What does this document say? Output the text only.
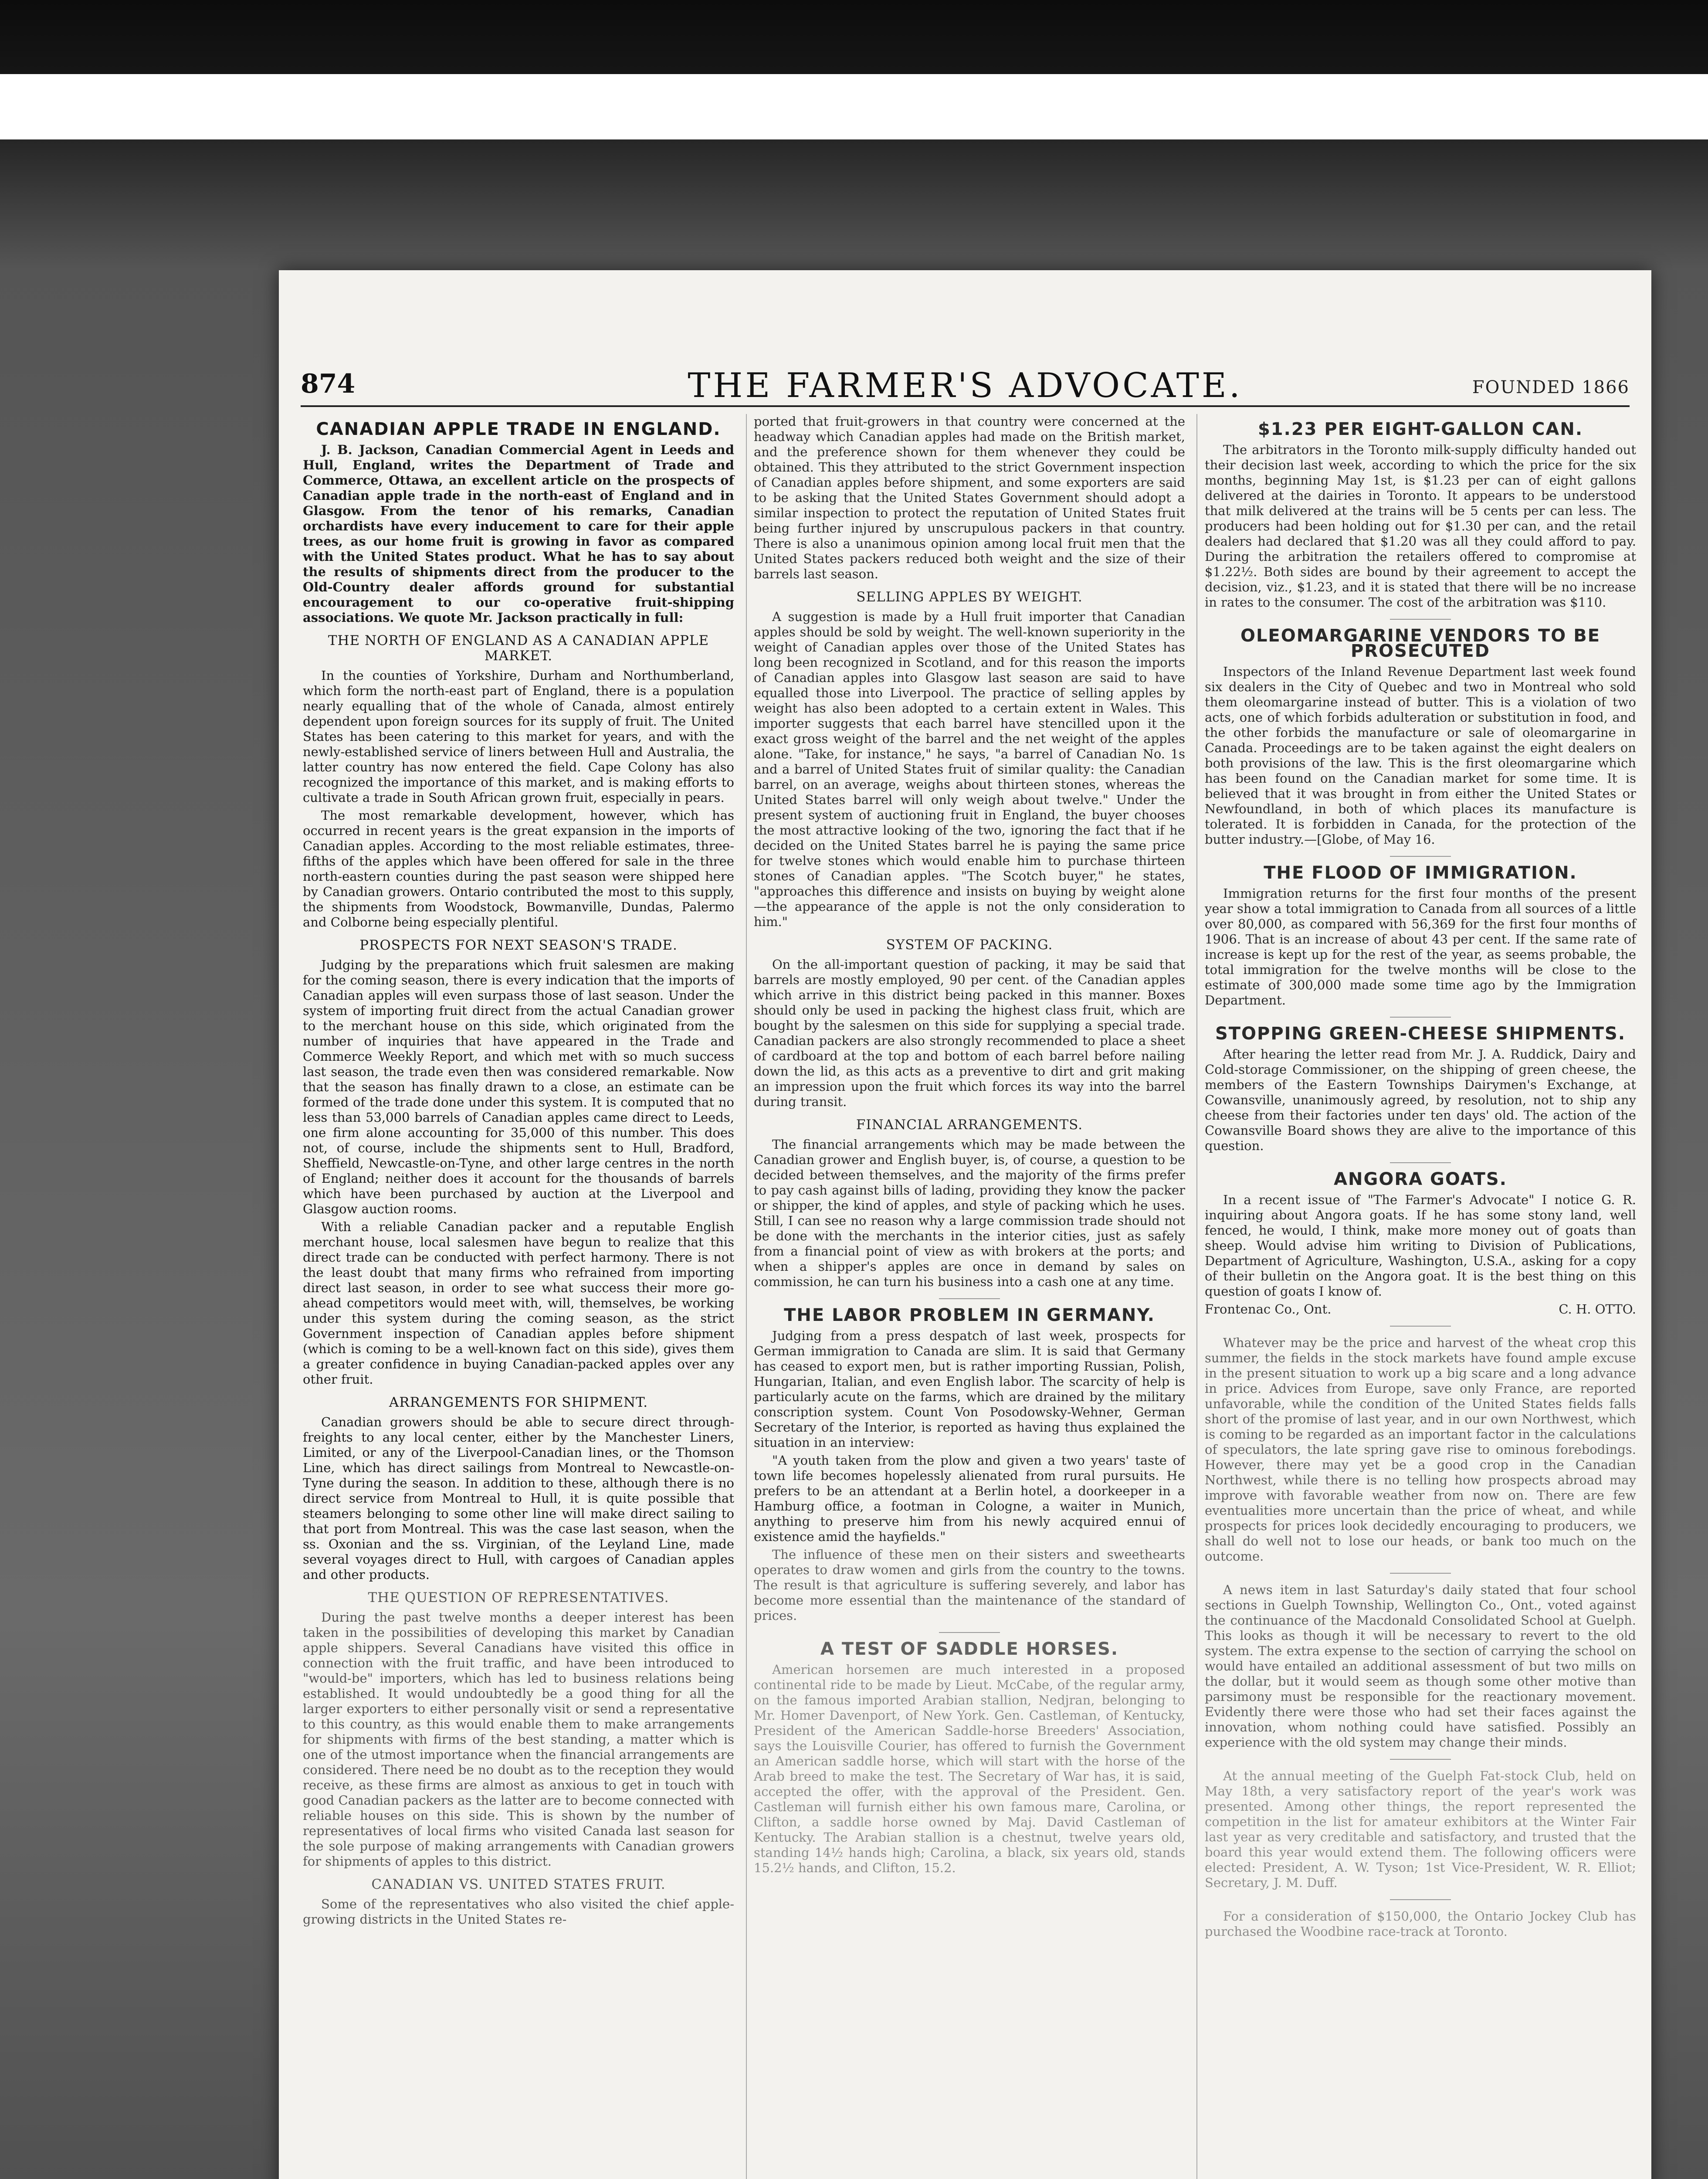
874	THE FARMER'S ADVOCATE.	FOUNDED 1866
CANADIAN APPLE TRADE IN ENGLAND.

J. B. Jackson, Canadian Commercial Agent in Leeds and Hull, England, writes the Department of Trade and Commerce, Ottawa, an excellent article on the prospects of Canadian apple trade in the north-east of England and in Glasgow. From the tenor of his remarks, Canadian orchardists have every inducement to care for their apple trees, as our home fruit is growing in favor as compared with the United States product. What he has to say about the results of shipments direct from the producer to the Old-Country dealer affords ground for substantial encouragement to our co-operative fruit-shipping associations. We quote Mr. Jackson practically in full:

THE NORTH OF ENGLAND AS A CANADIAN APPLE MARKET.

In the counties of Yorkshire, Durham and Northumberland, which form the north-east part of England, there is a population nearly equalling that of the whole of Canada, almost entirely dependent upon foreign sources for its supply of fruit. The United States has been catering to this market for years, and with the newly-established service of liners between Hull and Australia, the latter country has now entered the field. Cape Colony has also recognized the importance of this market, and is making efforts to cultivate a trade in South African grown fruit, especially in pears.

The most remarkable development, however, which has occurred in recent years is the great expansion in the imports of Canadian apples. According to the most reliable estimates, three-fifths of the apples which have been offered for sale in the three north-eastern counties during the past season were shipped here by Canadian growers. Ontario contributed the most to this supply, the shipments from Woodstock, Bowmanville, Dundas, Palermo and Colborne being especially plentiful.

PROSPECTS FOR NEXT SEASON'S TRADE.

Judging by the preparations which fruit salesmen are making for the coming season, there is every indication that the imports of Canadian apples will even surpass those of last season. Under the system of importing fruit direct from the actual Canadian grower to the merchant house on this side, which originated from the number of inquiries that have appeared in the Trade and Commerce Weekly Report, and which met with so much success last season, the trade even then was considered remarkable. Now that the season has finally drawn to a close, an estimate can be formed of the trade done under this system. It is computed that no less than 53,000 barrels of Canadian apples came direct to Leeds, one firm alone accounting for 35,000 of this number. This does not, of course, include the shipments sent to Hull, Bradford, Sheffield, Newcastle-on-Tyne, and other large centres in the north of England; neither does it account for the thousands of barrels which have been purchased by auction at the Liverpool and Glasgow auction rooms.

With a reliable Canadian packer and a reputable English merchant house, local salesmen have begun to realize that this direct trade can be conducted with perfect harmony. There is not the least doubt that many firms who refrained from importing direct last season, in order to see what success their more go-ahead competitors would meet with, will, themselves, be working under this system during the coming season, as the strict Government inspection of Canadian apples before shipment (which is coming to be a well-known fact on this side), gives them a greater confidence in buying Canadian-packed apples over any other fruit.

ARRANGEMENTS FOR SHIPMENT.

Canadian growers should be able to secure direct through-freights to any local center, either by the Manchester Liners, Limited, or any of the Liverpool-Canadian lines, or the Thomson Line, which has direct sailings from Montreal to Newcastle-on-Tyne during the season. In addition to these, although there is no direct service from Montreal to Hull, it is quite possible that steamers belonging to some other line will make direct sailing to that port from Montreal. This was the case last season, when the ss. Oxonian and the ss. Virginian, of the Leyland Line, made several voyages direct to Hull, with cargoes of Canadian apples and other products.

THE QUESTION OF REPRESENTATIVES.

During the past twelve months a deeper interest has been taken in the possibilities of developing this market by Canadian apple shippers. Several Canadians have visited this office in connection with the fruit traffic, and have been introduced to "would-be" importers, which has led to business relations being established. It would undoubtedly be a good thing for all the larger exporters to either personally visit or send a representative to this country, as this would enable them to make arrangements for shipments with firms of the best standing, a matter which is one of the utmost importance when the financial arrangements are considered. There need be no doubt as to the reception they would receive, as these firms are almost as anxious to get in touch with good Canadian packers as the latter are to become connected with reliable houses on this side. This is shown by the number of representatives of local firms who visited Canada last season for the sole purpose of making arrangements with Canadian growers for shipments of apples to this district.

CANADIAN VS. UNITED STATES FRUIT.

Some of the representatives who also visited the chief apple-growing districts in the United States re-

ported that fruit-growers in that country were concerned at the headway which Canadian apples had made on the British market, and the preference shown for them whenever they could be obtained. This they attributed to the strict Government inspection of Canadian apples before shipment, and some exporters are said to be asking that the United States Government should adopt a similar inspection to protect the reputation of United States fruit being further injured by unscrupulous packers in that country. There is also a unanimous opinion among local fruit men that the United States packers reduced both weight and the size of their barrels last season.

SELLING APPLES BY WEIGHT.

A suggestion is made by a Hull fruit importer that Canadian apples should be sold by weight. The well-known superiority in the weight of Canadian apples over those of the United States has long been recognized in Scotland, and for this reason the imports of Canadian apples into Glasgow last season are said to have equalled those into Liverpool. The practice of selling apples by weight has also been adopted to a certain extent in Wales. This importer suggests that each barrel have stencilled upon it the exact gross weight of the barrel and the net weight of the apples alone. "Take, for instance," he says, "a barrel of Canadian No. 1s and a barrel of United States fruit of similar quality: the Canadian barrel, on an average, weighs about thirteen stones, whereas the United States barrel will only weigh about twelve." Under the present system of auctioning fruit in England, the buyer chooses the most attractive looking of the two, ignoring the fact that if he decided on the United States barrel he is paying the same price for twelve stones which would enable him to purchase thirteen stones of Canadian apples. "The Scotch buyer," he states, "approaches this difference and insists on buying by weight alone—the appearance of the apple is not the only consideration to him."

SYSTEM OF PACKING.

On the all-important question of packing, it may be said that barrels are mostly employed, 90 per cent. of the Canadian apples which arrive in this district being packed in this manner. Boxes should only be used in packing the highest class fruit, which are bought by the salesmen on this side for supplying a special trade. Canadian packers are also strongly recommended to place a sheet of cardboard at the top and bottom of each barrel before nailing down the lid, as this acts as a preventive to dirt and grit making an impression upon the fruit which forces its way into the barrel during transit.

FINANCIAL ARRANGEMENTS.

The financial arrangements which may be made between the Canadian grower and English buyer, is, of course, a question to be decided between themselves, and the majority of the firms prefer to pay cash against bills of lading, providing they know the packer or shipper, the kind of apples, and style of packing which he uses. Still, I can see no reason why a large commission trade should not be done with the merchants in the interior cities, just as safely from a financial point of view as with brokers at the ports; and when a shipper's apples are once in demand by sales on commission, he can turn his business into a cash one at any time.

THE LABOR PROBLEM IN GERMANY.

Judging from a press despatch of last week, prospects for German immigration to Canada are slim. It is said that Germany has ceased to export men, but is rather importing Russian, Polish, Hungarian, Italian, and even English labor. The scarcity of help is particularly acute on the farms, which are drained by the military conscription system. Count Von Posodowsky-Wehner, German Secretary of the Interior, is reported as having thus explained the situation in an interview:

"A youth taken from the plow and given a two years' taste of town life becomes hopelessly alienated from rural pursuits. He prefers to be an attendant at a Berlin hotel, a doorkeeper in a Hamburg office, a footman in Cologne, a waiter in Munich, anything to preserve him from his newly acquired ennui of existence amid the hayfields."

The influence of these men on their sisters and sweethearts operates to draw women and girls from the country to the towns. The result is that agriculture is suffering severely, and labor has become more essential than the maintenance of the standard of prices.

A TEST OF SADDLE HORSES.

American horsemen are much interested in a proposed continental ride to be made by Lieut. McCabe, of the regular army, on the famous imported Arabian stallion, Nedjran, belonging to Mr. Homer Davenport, of New York. Gen. Castleman, of Kentucky, President of the American Saddle-horse Breeders' Association, says the Louisville Courier, has offered to furnish the Government an American saddle horse, which will start with the horse of the Arab breed to make the test. The Secretary of War has, it is said, accepted the offer, with the approval of the President. Gen. Castleman will furnish either his own famous mare, Carolina, or Clifton, a saddle horse owned by Maj. David Castleman of Kentucky. The Arabian stallion is a chestnut, twelve years old, standing 14½ hands high; Carolina, a black, six years old, stands 15.2½ hands, and Clifton, 15.2.

$1.23 PER EIGHT-GALLON CAN.

The arbitrators in the Toronto milk-supply difficulty handed out their decision last week, according to which the price for the six months, beginning May 1st, is $1.23 per can of eight gallons delivered at the dairies in Toronto. It appears to be understood that milk delivered at the trains will be 5 cents per can less. The producers had been holding out for $1.30 per can, and the retail dealers had declared that $1.20 was all they could afford to pay. During the arbitration the retailers offered to compromise at $1.22½. Both sides are bound by their agreement to accept the decision, viz., $1.23, and it is stated that there will be no increase in rates to the consumer. The cost of the arbitration was $110.

OLEOMARGARINE VENDORS TO BE PROSECUTED

Inspectors of the Inland Revenue Department last week found six dealers in the City of Quebec and two in Montreal who sold them oleomargarine instead of butter. This is a violation of two acts, one of which forbids adulteration or substitution in food, and the other forbids the manufacture or sale of oleomargarine in Canada. Proceedings are to be taken against the eight dealers on both provisions of the law. This is the first oleomargarine which has been found on the Canadian market for some time. It is believed that it was brought in from either the United States or Newfoundland, in both of which places its manufacture is tolerated. It is forbidden in Canada, for the protection of the butter industry.—[Globe, of May 16.

THE FLOOD OF IMMIGRATION.

Immigration returns for the first four months of the present year show a total immigration to Canada from all sources of a little over 80,000, as compared with 56,369 for the first four months of 1906. That is an increase of about 43 per cent. If the same rate of increase is kept up for the rest of the year, as seems probable, the total immigration for the twelve months will be close to the estimate of 300,000 made some time ago by the Immigration Department.

STOPPING GREEN-CHEESE SHIPMENTS.

After hearing the letter read from Mr. J. A. Ruddick, Dairy and Cold-storage Commissioner, on the shipping of green cheese, the members of the Eastern Townships Dairymen's Exchange, at Cowansville, unanimously agreed, by resolution, not to ship any cheese from their factories under ten days' old. The action of the Cowansville Board shows they are alive to the importance of this question.

ANGORA GOATS.

In a recent issue of "The Farmer's Advocate" I notice G. R. inquiring about Angora goats. If he has some stony land, well fenced, he would, I think, make more money out of goats than sheep. Would advise him writing to Division of Publications, Department of Agriculture, Washington, U.S.A., asking for a copy of their bulletin on the Angora goat. It is the best thing on this question of goats I know of.

Frontenac Co., Ont.	C. H. OTTO.

Whatever may be the price and harvest of the wheat crop this summer, the fields in the stock markets have found ample excuse in the present situation to work up a big scare and a long advance in price. Advices from Europe, save only France, are reported unfavorable, while the condition of the United States fields falls short of the promise of last year, and in our own Northwest, which is coming to be regarded as an important factor in the calculations of speculators, the late spring gave rise to ominous forebodings. However, there may yet be a good crop in the Canadian Northwest, while there is no telling how prospects abroad may improve with favorable weather from now on. There are few eventualities more uncertain than the price of wheat, and while prospects for prices look decidedly encouraging to producers, we shall do well not to lose our heads, or bank too much on the outcome.

A news item in last Saturday's daily stated that four school sections in Guelph Township, Wellington Co., Ont., voted against the continuance of the Macdonald Consolidated School at Guelph. This looks as though it will be necessary to revert to the old system. The extra expense to the section of carrying the school on would have entailed an additional assessment of but two mills on the dollar, but it would seem as though some other motive than parsimony must be responsible for the reactionary movement. Evidently there were those who had set their faces against the innovation, whom nothing could have satisfied. Possibly an experience with the old system may change their minds.

At the annual meeting of the Guelph Fat-stock Club, held on May 18th, a very satisfactory report of the year's work was presented. Among other things, the report represented the competition in the list for amateur exhibitors at the Winter Fair last year as very creditable and satisfactory, and trusted that the board this year would extend them. The following officers were elected: President, A. W. Tyson; 1st Vice-President, W. R. Elliot; Secretary, J. M. Duff.

For a consideration of $150,000, the Ontario Jockey Club has purchased the Woodbine race-track at Toronto.
